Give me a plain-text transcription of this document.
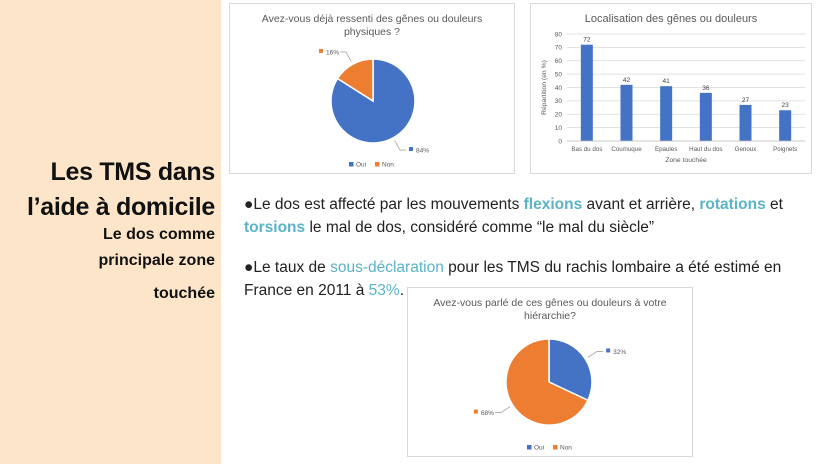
Les TMS dans
l’aide à domicile
Le dos comme
principale zone
touchée
Avez-vous déjà ressenti des gênes ou douleurs
physiques ?
84%
16%
Oui Non
Localisation des gênes ou douleurs
0
10
20
30
40
50
60
70
80
72
Bas du dos
42
Cou/nuque
41
Epaules
36
Haut du dos
27
Genoux
23
Poignets
Zone touchée
Répartition (en %)
●Le dos est affecté par les mouvements flexions avant et arrière, rotations et torsions le mal de dos, considéré comme “le mal du siècle”
●Le taux de sous-déclaration pour les TMS du rachis lombaire a été estimé en France en 2011 à 53%.
Avez-vous parlé de ces gênes ou douleurs à votre
hiérarchie?
32%
68%
Oui Non
